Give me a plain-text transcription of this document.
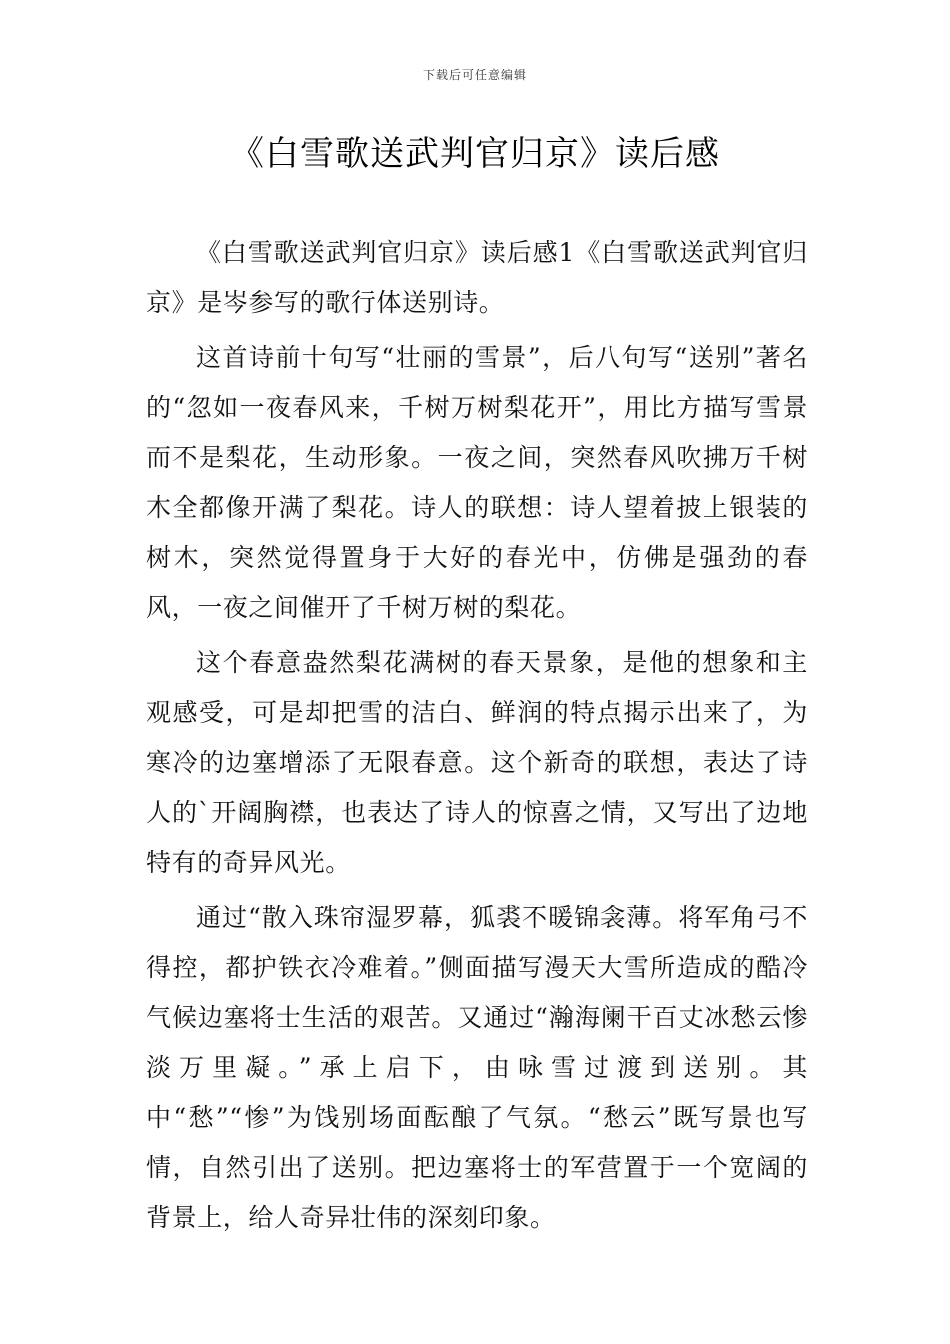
下载后可任意编辑
《白雪歌送武判官归京》读后感

《白雪歌送武判官归京》读后感1《白雪歌送武判官归京》是岑参写的歌行体送别诗。

这首诗前十句写“壮丽的雪景”，后八句写“送别”著名的“忽如一夜春风来，千树万树梨花开”，用比方描写雪景而不是梨花，生动形象。一夜之间，突然春风吹拂万千树木全都像开满了梨花。诗人的联想：诗人望着披上银装的树木，突然觉得置身于大好的春光中，仿佛是强劲的春风，一夜之间催开了千树万树的梨花。

这个春意盎然梨花满树的春天景象，是他的想象和主观感受，可是却把雪的洁白、鲜润的特点揭示出来了，为寒冷的边塞增添了无限春意。这个新奇的联想，表达了诗人的`开阔胸襟，也表达了诗人的惊喜之情，又写出了边地特有的奇异风光。

通过“散入珠帘湿罗幕，狐裘不暖锦衾薄。将军角弓不得控，都护铁衣冷难着。”侧面描写漫天大雪所造成的酷冷气候边塞将士生活的艰苦。又通过“瀚海阑干百丈冰愁云惨淡万里凝。”承上启下，由咏雪过渡到送别。其中“愁”“惨”为饯别场面酝酿了气氛。“愁云”既写景也写情，自然引出了送别。把边塞将士的军营置于一个宽阔的背景上，给人奇异壮伟的深刻印象。
